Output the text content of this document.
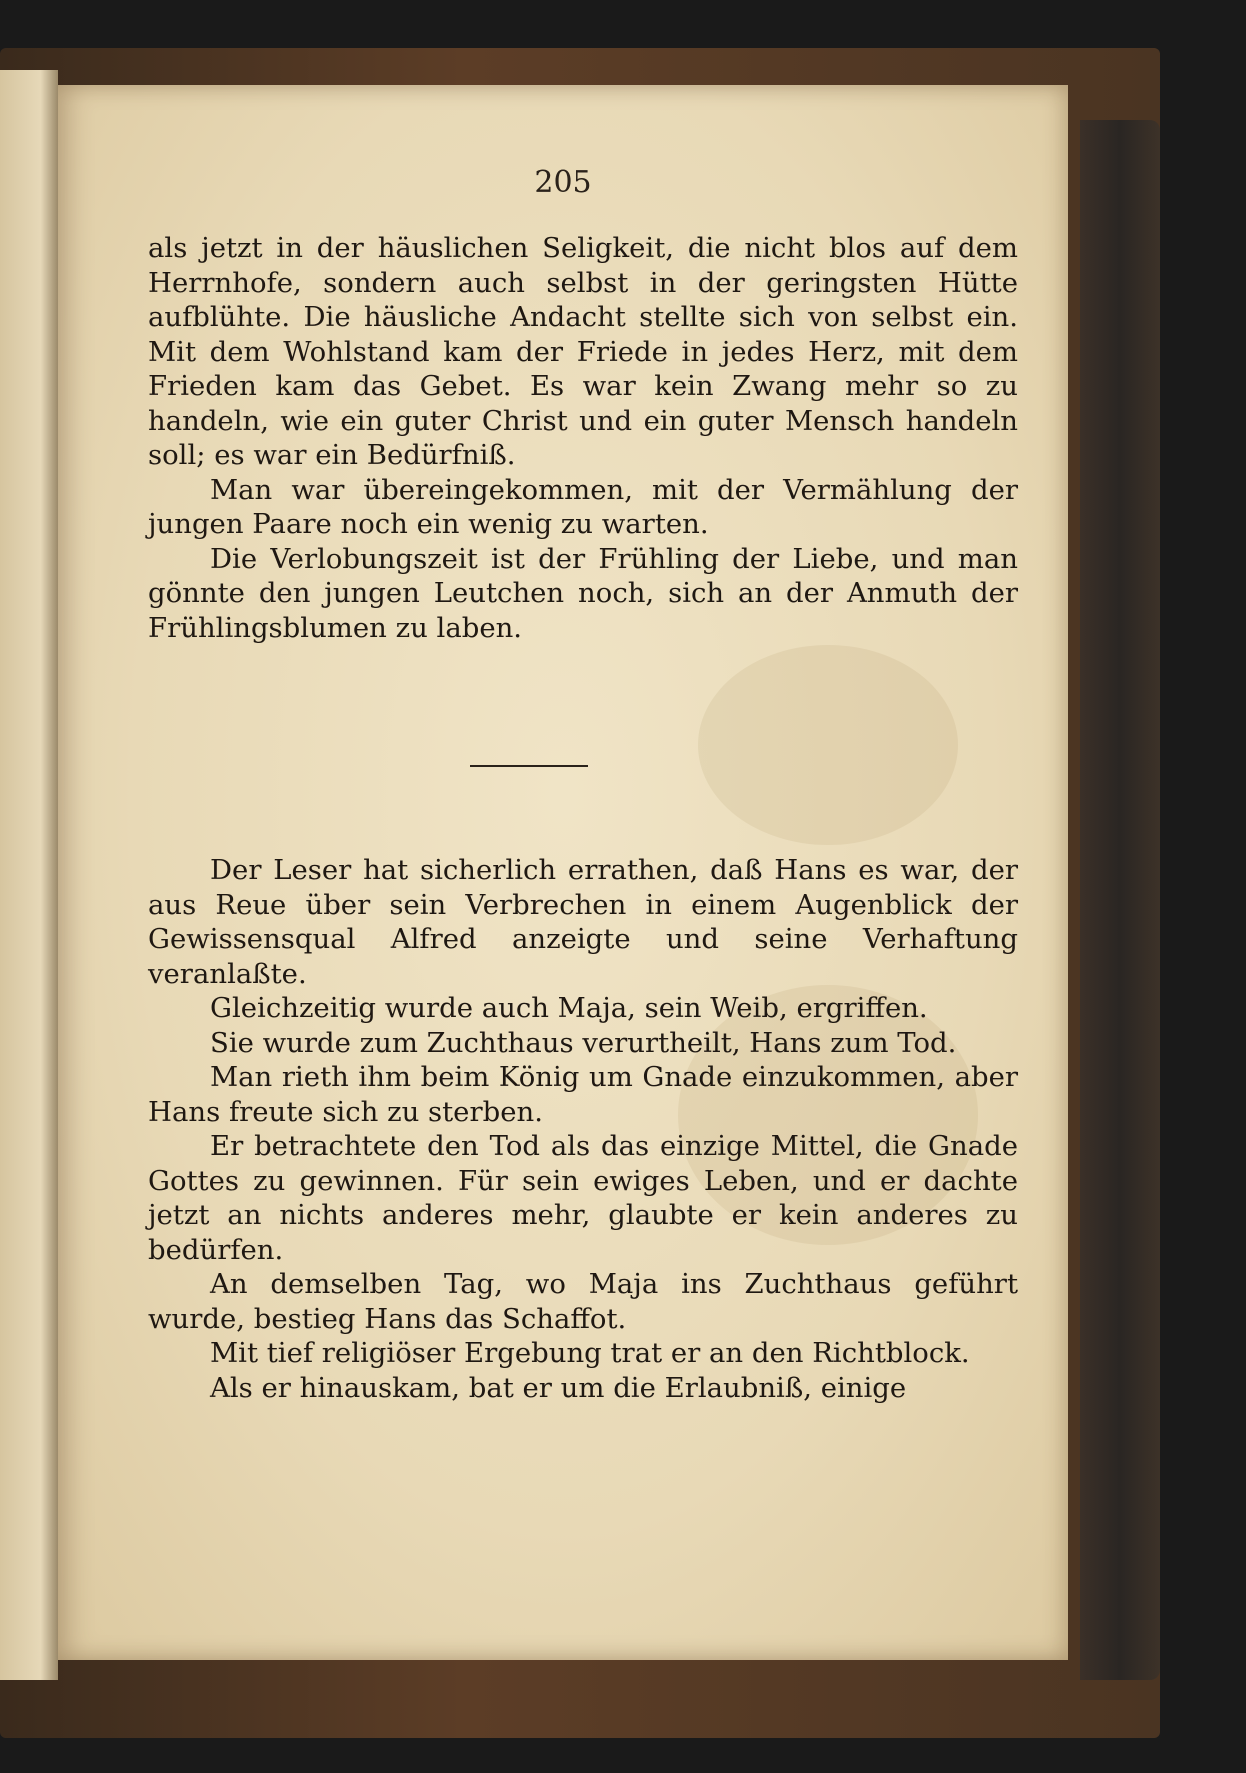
205

als jetzt in der häuslichen Seligkeit, die nicht blos auf dem Herrnhofe, sondern auch selbst in der geringsten Hütte aufblühte. Die häusliche Andacht stellte sich von selbst ein. Mit dem Wohlstand kam der Friede in jedes Herz, mit dem Frieden kam das Gebet. Es war kein Zwang mehr so zu handeln, wie ein guter Christ und ein guter Mensch handeln soll; es war ein Bedürfniß.

Man war übereingekommen, mit der Vermählung der jungen Paare noch ein wenig zu warten.

Die Verlobungszeit ist der Frühling der Liebe, und man gönnte den jungen Leutchen noch, sich an der Anmuth der Frühlingsblumen zu laben.

Der Leser hat sicherlich errathen, daß Hans es war, der aus Reue über sein Verbrechen in einem Augenblick der Gewissensqual Alfred anzeigte und seine Verhaftung veranlaßte.

Gleichzeitig wurde auch Maja, sein Weib, ergriffen.

Sie wurde zum Zuchthaus verurtheilt, Hans zum Tod.

Man rieth ihm beim König um Gnade einzukommen, aber Hans freute sich zu sterben.

Er betrachtete den Tod als das einzige Mittel, die Gnade Gottes zu gewinnen. Für sein ewiges Leben, und er dachte jetzt an nichts anderes mehr, glaubte er kein anderes zu bedürfen.

An demselben Tag, wo Maja ins Zuchthaus geführt wurde, bestieg Hans das Schaffot.

Mit tief religiöser Ergebung trat er an den Richtblock.

Als er hinauskam, bat er um die Erlaubniß, einige
